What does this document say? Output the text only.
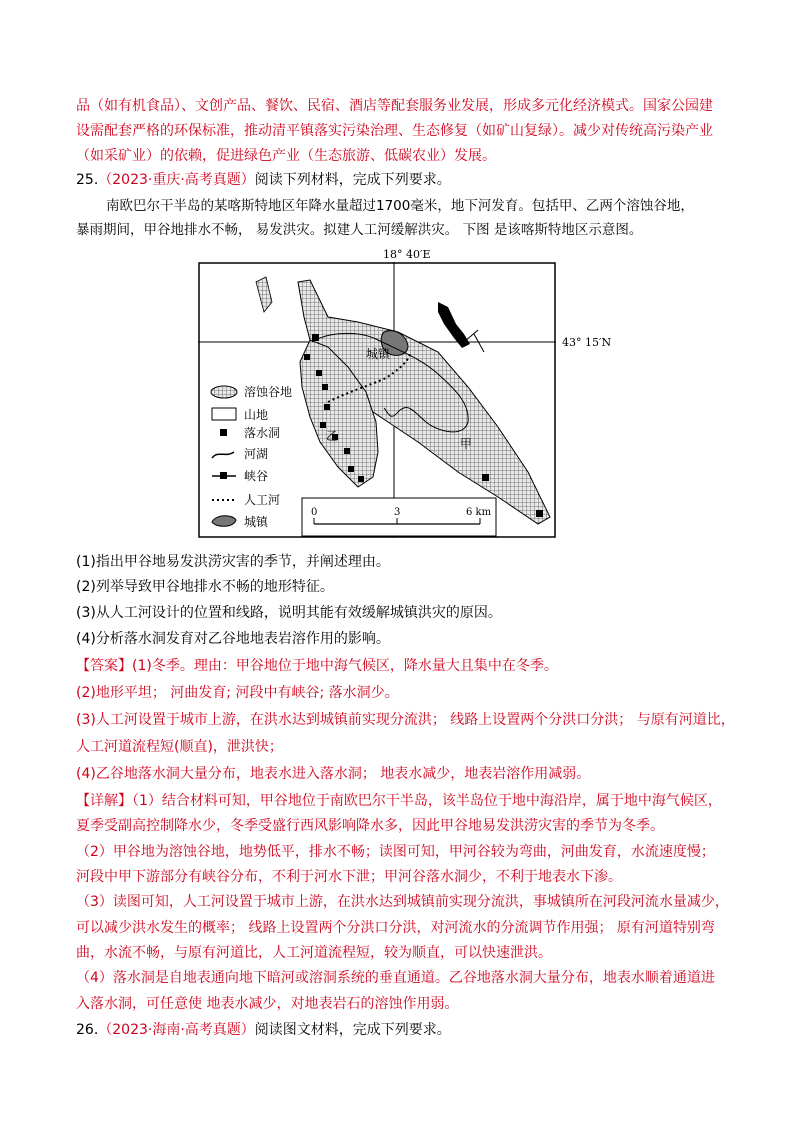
品（如有机食品）、文创产品、餐饮、民宿、酒店等配套服务业发展，形成多元化经济模式。国家公园建
设需配套严格的环保标准，推动清平镇落实污染治理、生态修复（如矿山复绿）。减少对传统高污染产业
（如采矿业）的依赖，促进绿色产业（生态旅游、低碳农业）发展。
25.（2023·重庆·高考真题）阅读下列材料，完成下列要求。
南欧巴尔干半岛的某喀斯特地区年降水量超过1700毫米，地下河发育。包括甲、乙两个溶蚀谷地，
暴雨期间，甲谷地排水不畅， 易发洪灾。拟建人工河缓解洪灾。 下图 是该喀斯特地区示意图。
城镇
甲
乙
溶蚀谷地
山地
落水洞
河湖
峡谷
人工河
城镇
0	3	6 km
18° 40′E
43° 15′N
(1)指出甲谷地易发洪涝灾害的季节，并阐述理由。
(2)列举导致甲谷地排水不畅的地形特征。
(3)从人工河设计的位置和线路，说明其能有效缓解城镇洪灾的原因。
(4)分析落水洞发育对乙谷地地表岩溶作用的影响。
【答案】(1)冬季。理由：甲谷地位于地中海气候区，降水量大且集中在冬季。
(2)地形平坦； 河曲发育; 河段中有峡谷; 落水洞少。
(3)人工河设置于城市上游，在洪水达到城镇前实现分流洪； 线路上设置两个分洪口分洪； 与原有河道比，
人工河道流程短(顺直)，泄洪快；
(4)乙谷地落水洞大量分布，地表水进入落水洞； 地表水减少，地表岩溶作用减弱。
【详解】（1）结合材料可知，甲谷地位于南欧巴尔干半岛，该半岛位于地中海沿岸，属于地中海气候区，
夏季受副高控制降水少，冬季受盛行西风影响降水多，因此甲谷地易发洪涝灾害的季节为冬季。
（2）甲谷地为溶蚀谷地，地势低平，排水不畅；读图可知，甲河谷较为弯曲，河曲发育，水流速度慢；
河段中甲下游部分有峡谷分布，不利于河水下泄；甲河谷落水洞少，不利于地表水下渗。
（3）读图可知，人工河设置于城市上游，在洪水达到城镇前实现分流洪，事城镇所在河段河流水量减少，
可以减少洪水发生的概率； 线路上设置两个分洪口分洪，对河流水的分流调节作用强； 原有河道特别弯
曲，水流不畅，与原有河道比，人工河道流程短，较为顺直，可以快速泄洪。
（4）落水洞是自地表通向地下暗河或溶洞系统的垂直通道。乙谷地落水洞大量分布，地表水顺着通道进
入落水洞，可任意使 地表水减少，对地表岩石的溶蚀作用弱。
26.（2023·海南·高考真题）阅读图文材料，完成下列要求。
